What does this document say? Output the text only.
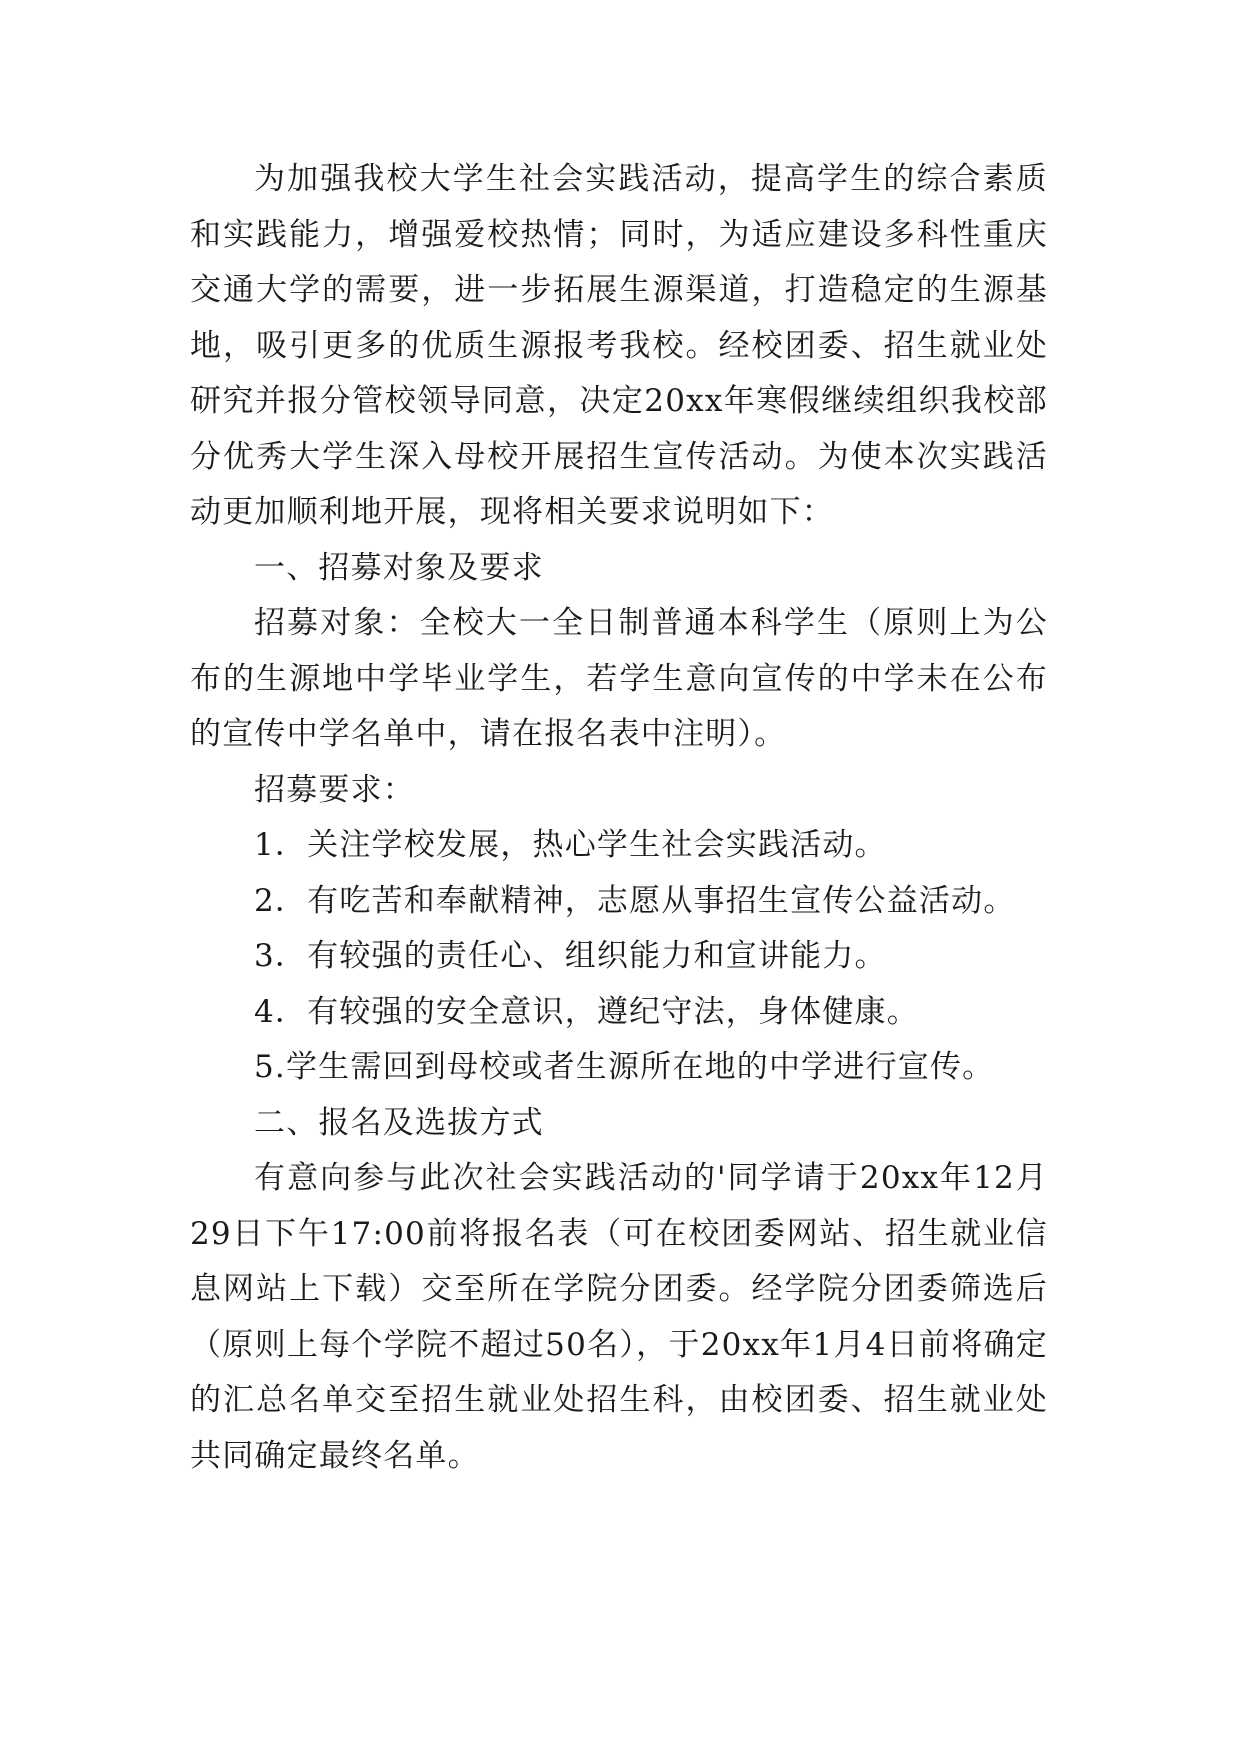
为加强我校大学生社会实践活动，提高学生的综合素质和实践能力，增强爱校热情；同时，为适应建设多科性重庆交通大学的需要，进一步拓展生源渠道，打造稳定的生源基地，吸引更多的优质生源报考我校。经校团委、招生就业处研究并报分管校领导同意，决定20xx年寒假继续组织我校部分优秀大学生深入母校开展招生宣传活动。为使本次实践活动更加顺利地开展，现将相关要求说明如下：

一、招募对象及要求

招募对象：全校大一全日制普通本科学生（原则上为公布的生源地中学毕业学生，若学生意向宣传的中学未在公布的宣传中学名单中，请在报名表中注明）。

招募要求：

1．关注学校发展，热心学生社会实践活动。

2．有吃苦和奉献精神，志愿从事招生宣传公益活动。

3．有较强的责任心、组织能力和宣讲能力。

4．有较强的安全意识，遵纪守法，身体健康。

5.学生需回到母校或者生源所在地的中学进行宣传。

二、报名及选拔方式

有意向参与此次社会实践活动的'同学请于20xx年12月29日下午17:00前将报名表（可在校团委网站、招生就业信息网站上下载）交至所在学院分团委。经学院分团委筛选后（原则上每个学院不超过50名），于20xx年1月4日前将确定的汇总名单交至招生就业处招生科，由校团委、招生就业处共同确定最终名单。
